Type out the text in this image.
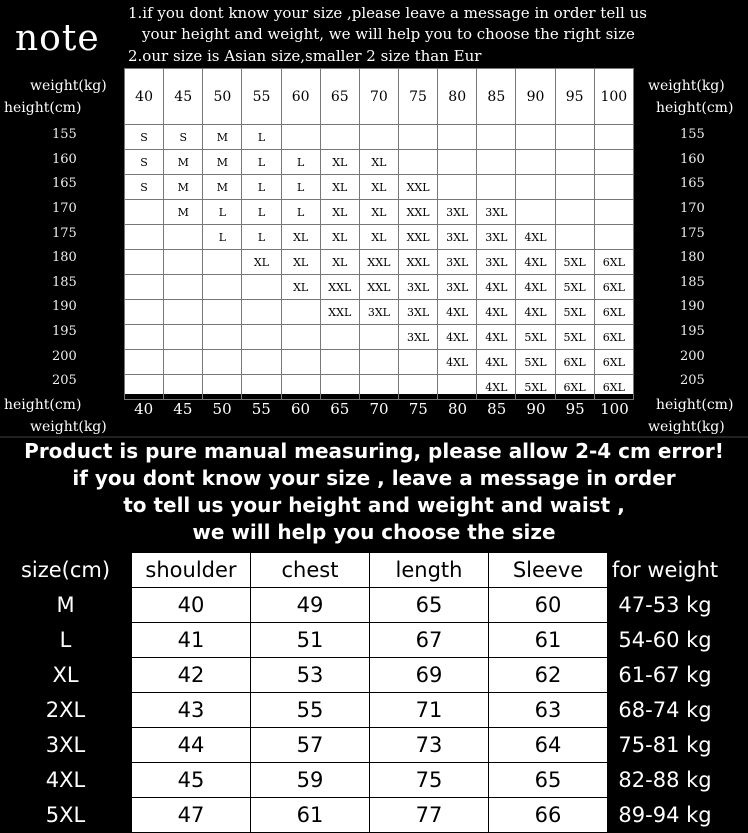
note
1.if you dont know your size ,please leave a message in order tell us
your height and weight, we will help you to choose the right size
2.our size is Asian size,smaller 2 size than Eur
weight(kg)
height(cm)
weight(kg)
height(cm)
height(cm)
weight(kg)
height(cm)
weight(kg)
155
160
165
170
175
180
185
190
195
200
205
155
160
165
170
175
180
185
190
195
200
205
40	45	50	55	60	65	70	75	80	85	90	95	100
S	S	M	L									
S	M	M	L	L	XL	XL						
S	M	M	L	L	XL	XL	XXL					
	M	L	L	L	XL	XL	XXL	3XL	3XL			
		L	L	XL	XL	XL	XXL	3XL	3XL	4XL		
			XL	XL	XL	XXL	XXL	3XL	3XL	4XL	5XL	6XL
				XL	XXL	XXL	3XL	3XL	4XL	4XL	5XL	6XL
					XXL	3XL	3XL	4XL	4XL	4XL	5XL	6XL
							3XL	4XL	4XL	5XL	5XL	6XL
								4XL	4XL	5XL	6XL	6XL
									4XL	5XL	6XL	6XL
40	45	50	55	60	65	70	75	80	85	90	95	100
Product is pure manual measuring, please allow 2-4 cm error!
if you dont know your size , leave a message in order
to tell us your height and weight and waist ,
we will help you choose the size
size(cm)	shoulder	chest	length	Sleeve	for weight
M	40	49	65	60	47-53 kg
L	41	51	67	61	54-60 kg
XL	42	53	69	62	61-67 kg
2XL	43	55	71	63	68-74 kg
3XL	44	57	73	64	75-81 kg
4XL	45	59	75	65	82-88 kg
5XL	47	61	77	66	89-94 kg
